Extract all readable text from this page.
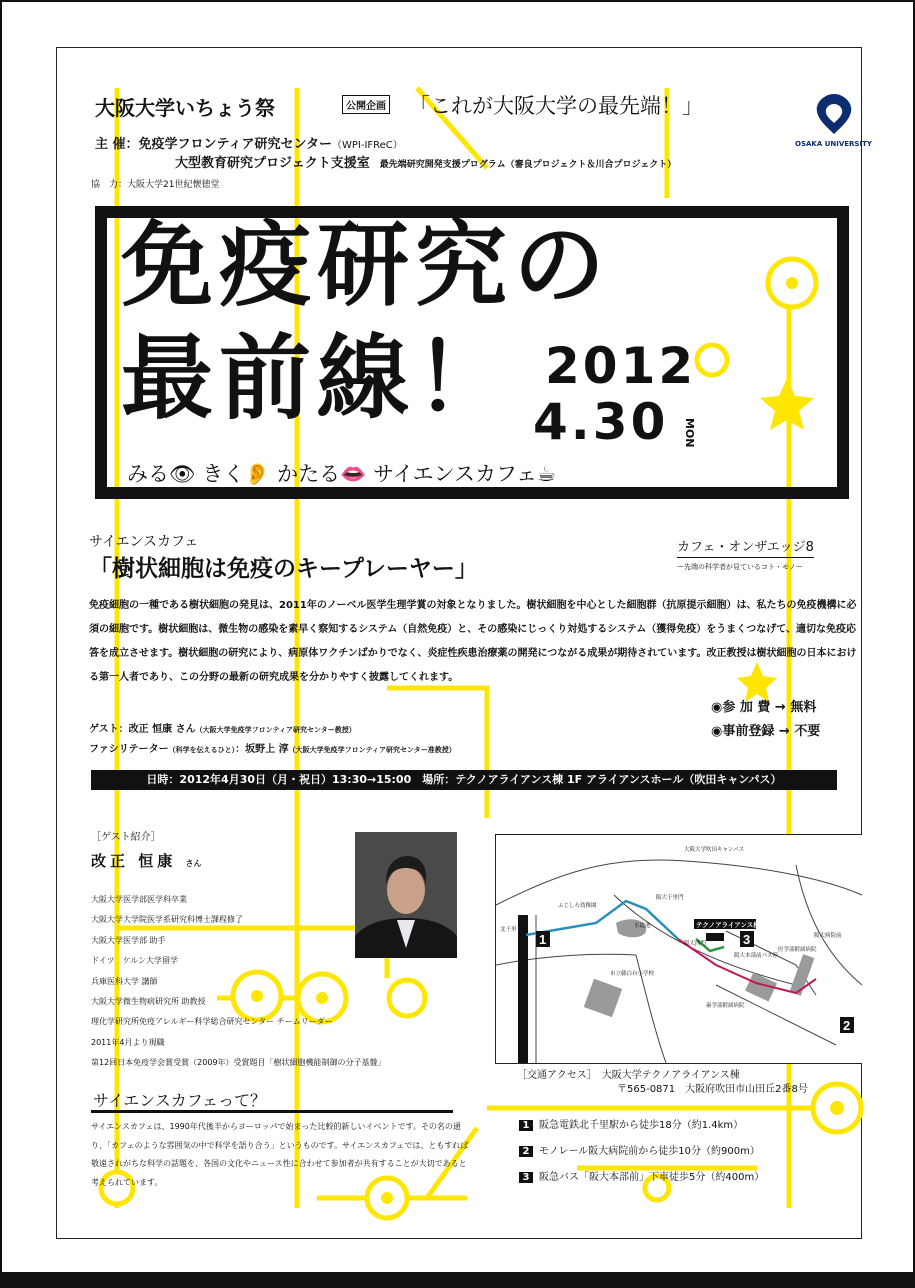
大阪大学いちょう祭	公開企画 「これが大阪大学の最先端！」
主 催：免疫学フロンティア研究センター（WPI-IFReC）
大型教育研究プロジェクト支援室 最先端研究開発支援プログラム（審良プロジェクト＆川合プロジェクト）
協　力：大阪大学21世紀懐徳堂
OSAKA UNIVERSITY
免疫研究の
最前線！ 2012
4.30 MON
みる👁 きく👂 かたる👄 サイエンスカフェ☕
サイエンスカフェ
「樹状細胞は免疫のキープレーヤー」
カフェ・オンザエッジ8
ー先端の科学者が見ているコト・モノー
免疫細胞の一種である樹状細胞の発見は、2011年のノーベル医学生理学賞の対象となりました。樹状細胞を中心とした細胞群（抗原提示細胞）は、私たちの免疫機構に必須の細胞です。樹状細胞は、微生物の感染を素早く察知するシステム（自然免疫）と、その感染にじっくり対処するシステム（獲得免疫）をうまくつなげて、適切な免疫応答を成立させます。樹状細胞の研究により、病原体ワクチンばかりでなく、炎症性疾患治療薬の開発につながる成果が期待されています。改正教授は樹状細胞の日本における第一人者であり、この分野の最新の研究成果を分かりやすく披露してくれます。
◉参 加 費 → 無料
◉事前登録 → 不要
ゲスト：改正 恒康 さん（大阪大学免疫学フロンティア研究センター教授）
ファシリテーター（科学を伝えるひと）：坂野上 淳（大阪大学免疫学フロンティア研究センター准教授）
日時：2012年4月30日（月・祝日）13:30→15:00　場所：テクノアライアンス棟 1F アライアンスホール（吹田キャンパス）
［ゲスト紹介］
改正 恒康 さん
大阪大学医学部医学科卒業
大阪大学大学院医学系研究科博士課程修了
大阪大学医学部 助手
ドイツ　ケルン大学留学
兵庫医科大学 講師
大阪大学微生物病研究所 助教授
理化学研究所免疫アレルギー科学総合研究センター チームリーダー
2011年4月より現職
第12回日本免疫学会賞受賞（2009年）受賞題目「樹状細胞機能制御の分子基盤」
サイエンスカフェって？
サイエンスカフェは、1990年代後半からヨーロッパで始まった比較的新しいイベントです。その名の通り、「カフェのような雰囲気の中で科学を語り合う」というものです。サイエンスカフェでは、ともすれば敬遠されがちな科学の話題を、各国の文化やニュース性に合わせて参加者が共有することが大切であると考えられています。
テクノアライアンス棟
大阪大学吹田キャンパス
ふじしろ幼稚園
阪大千里門
水道池
阪大西門
市立藤白台小学校
阪大本部前バス停
医学部附属病院
歯学部附属病院
北千里
阪大病院前
1
2
3
［交通アクセス］　 大阪大学テクノアライアンス棟
〒565-0871　大阪府吹田市山田丘2番8号
1 阪急電鉄北千里駅から徒歩18分（約1.4km）
2 モノレール阪大病院前から徒歩10分（約900m）
3 阪急バス「阪大本部前」下車徒歩5分（約400m）
